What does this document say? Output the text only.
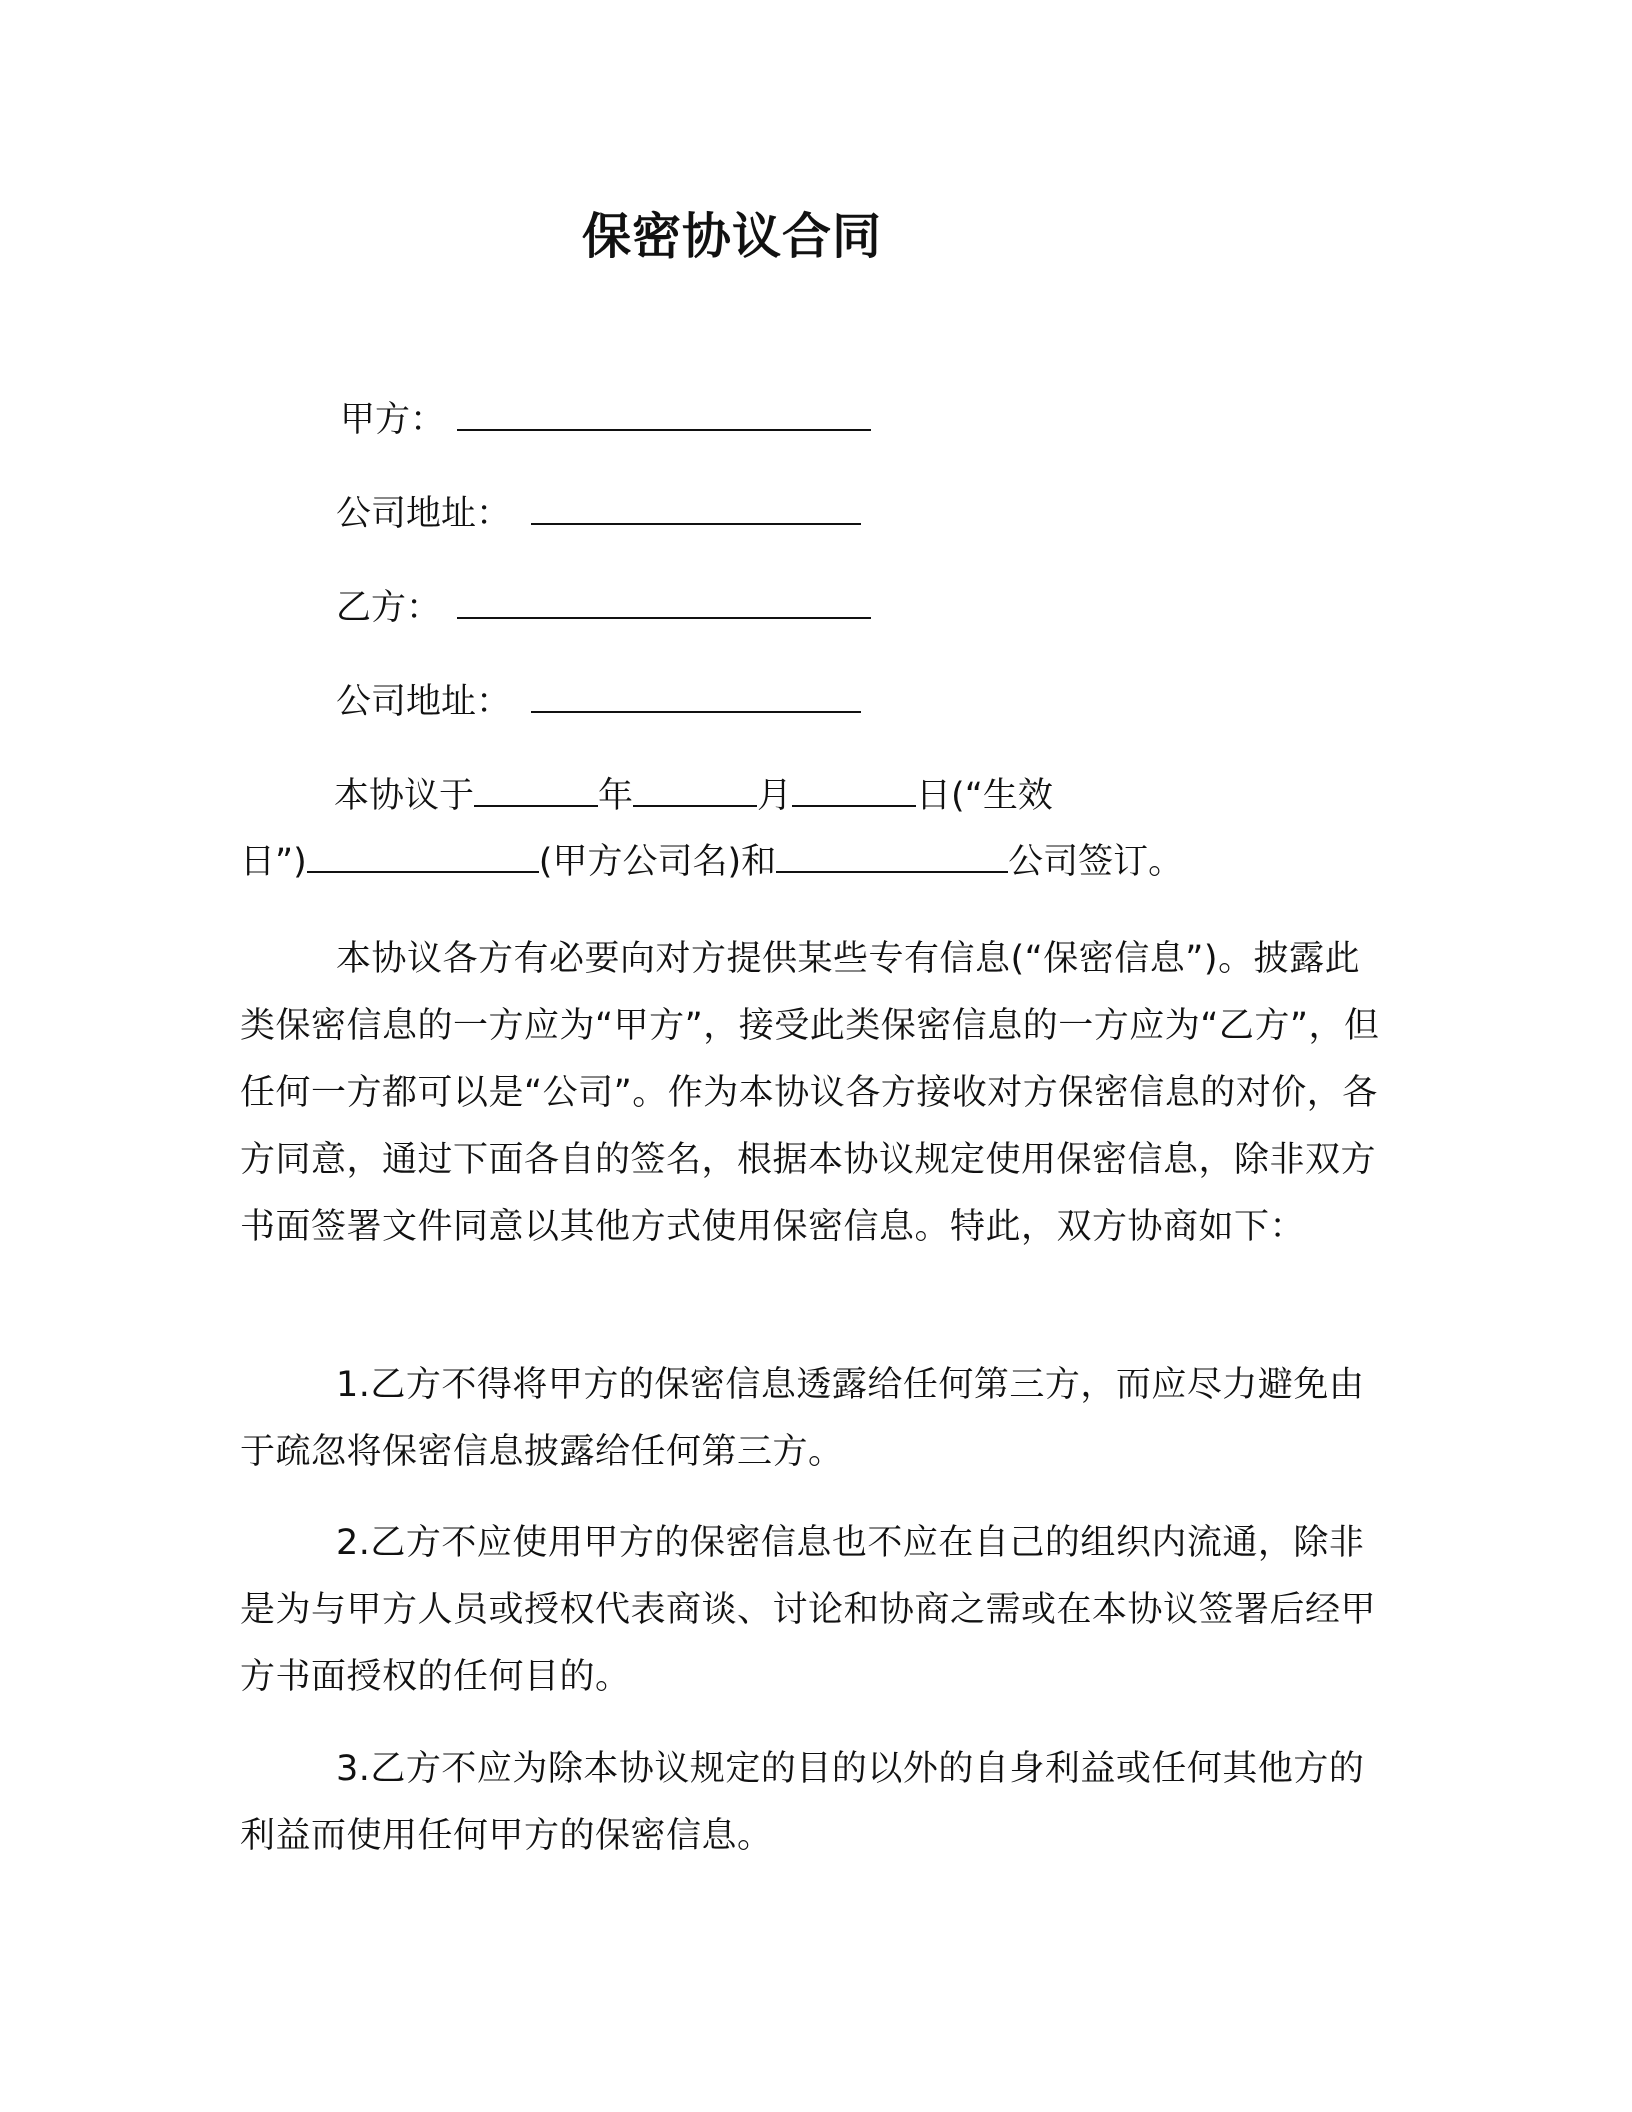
保密协议合同
甲方：
公司地址：
乙方：
公司地址：
本协议于	年	月	日(“生效
日”)	(甲方公司名)和	公司签订。

本协议各方有必要向对方提供某些专有信息(“保密信息”)。披露此类保密信息的一方应为“甲方”，接受此类保密信息的一方应为“乙方”，但任何一方都可以是“公司”。作为本协议各方接收对方保密信息的对价，各方同意，通过下面各自的签名，根据本协议规定使用保密信息，除非双方书面签署文件同意以其他方式使用保密信息。特此，双方协商如下：

1.乙方不得将甲方的保密信息透露给任何第三方，而应尽力避免由于疏忽将保密信息披露给任何第三方。

2.乙方不应使用甲方的保密信息也不应在自己的组织内流通，除非是为与甲方人员或授权代表商谈、讨论和协商之需或在本协议签署后经甲方书面授权的任何目的。

3.乙方不应为除本协议规定的目的以外的自身利益或任何其他方的利益而使用任何甲方的保密信息。
